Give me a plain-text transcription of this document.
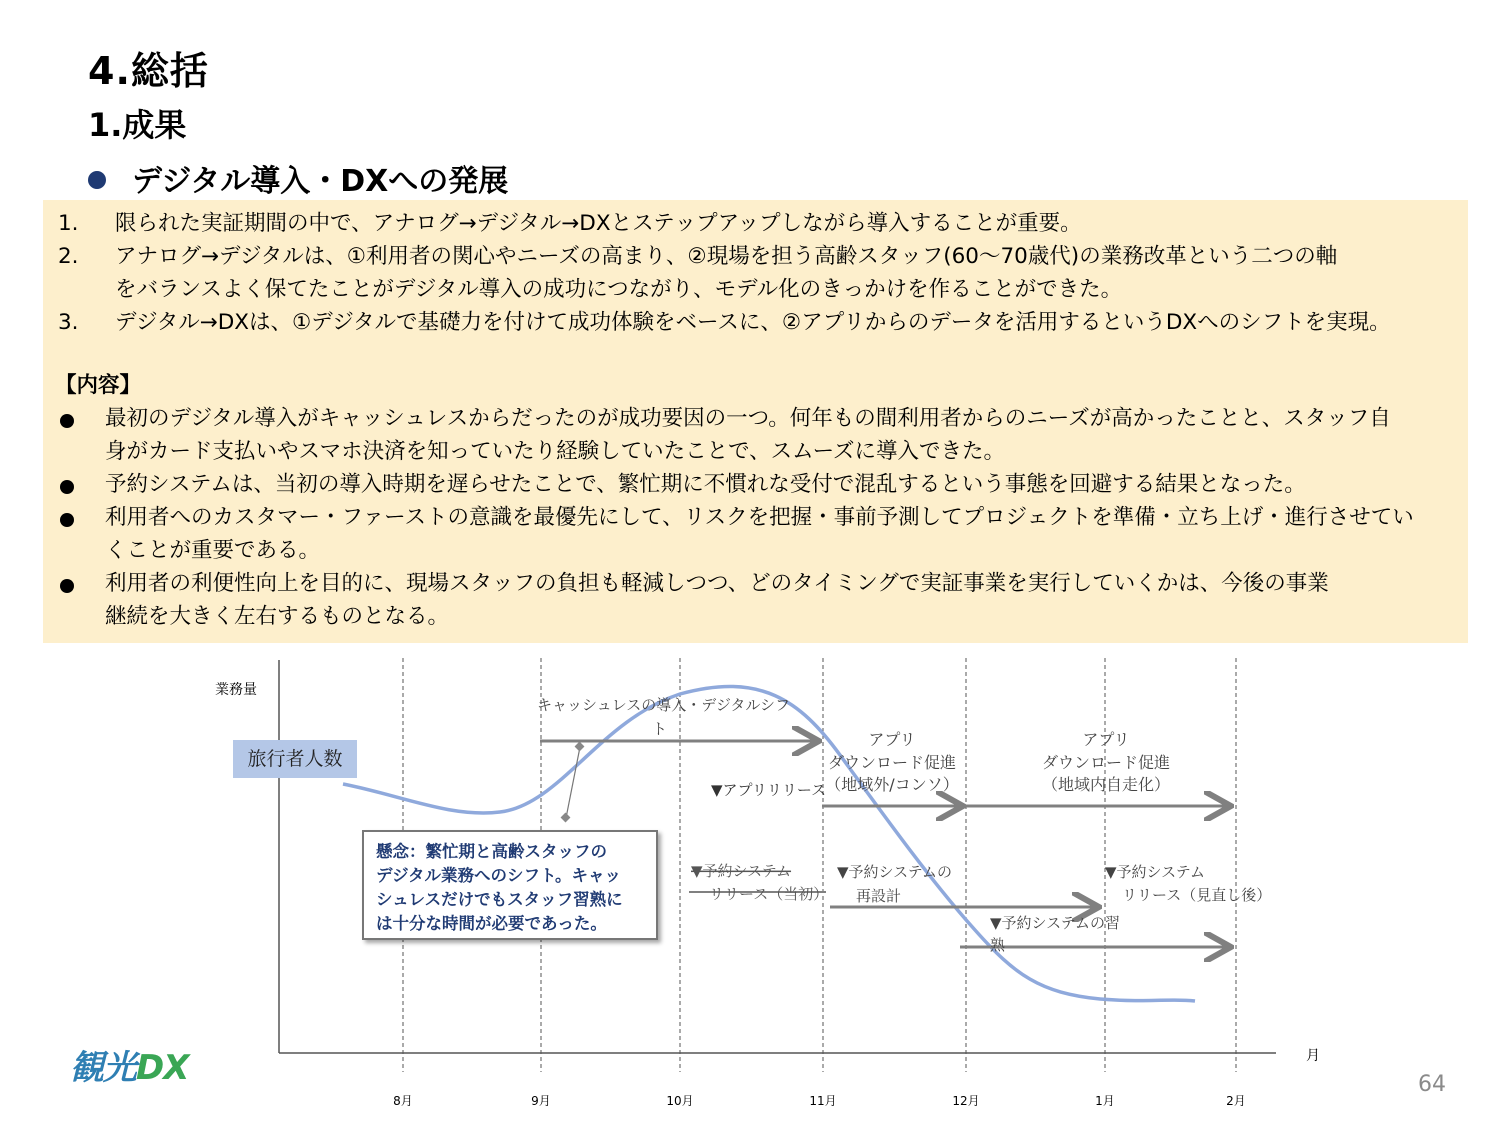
4.総括
1.成果
デジタル導入・DXへの発展
1. 限られた実証期間の中で、アナログ→デジタル→DXとステップアップしながら導入することが重要。
2. アナログ→デジタルは、①利用者の関心やニーズの高まり、②現場を担う高齢スタッフ(60～70歳代)の業務改革という二つの軸
をバランスよく保てたことがデジタル導入の成功につながり、モデル化のきっかけを作ることができた。
3. デジタル→DXは、①デジタルで基礎力を付けて成功体験をベースに、②アプリからのデータを活用するというDXへのシフトを実現。
【内容】
最初のデジタル導入がキャッシュレスからだったのが成功要因の一つ。何年もの間利用者からのニーズが高かったことと、スタッフ自
身がカード支払いやスマホ決済を知っていたり経験していたことで、スムーズに導入できた。
予約システムは、当初の導入時期を遅らせたことで、繁忙期に不慣れな受付で混乱するという事態を回避する結果となった。
利用者へのカスタマー・ファーストの意識を最優先にして、リスクを把握・事前予測してプロジェクトを準備・立ち上げ・進行させてい
くことが重要である。
利用者の利便性向上を目的に、現場スタッフの負担も軽減しつつ、どのタイミングで実証事業を実行していくかは、今後の事業
継続を大きく左右するものとなる。
業務量
月
8月	9月	10月	11月	12月	1月	2月
キャッシュレスの導入・デジタルシフ
ト
アプリ
ダウンロード促進
（地域外/コンソ）
アプリ
ダウンロード促進
（地域内自走化）
▼アプリリリース
▼予約システム
リリース（当初）
▼予約システムの
再設計
▼予約システム
リリース（見直し後）
▼予約システムの習
熟
旅行者人数
懸念：繁忙期と高齢スタッフの
デジタル業務へのシフト。キャッ
シュレスだけでもスタッフ習熟に
は十分な時間が必要であった。
観光DX	64
